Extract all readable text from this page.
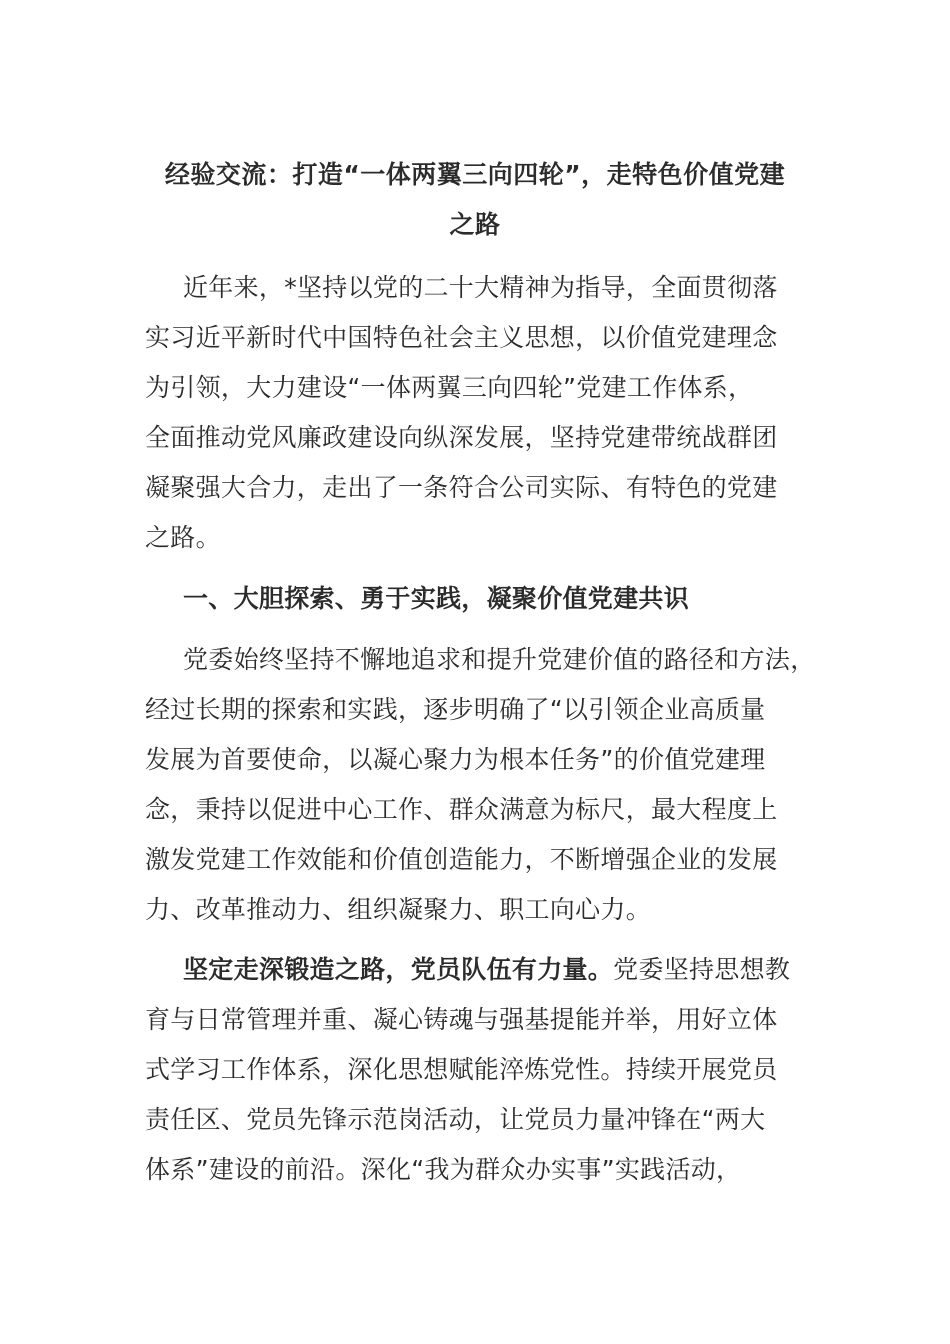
经验交流：打造“一体两翼三向四轮”，走特色价值党建
之路
近年来，*坚持以党的二十大精神为指导，全面贯彻落
实习近平新时代中国特色社会主义思想，以价值党建理念
为引领，大力建设“一体两翼三向四轮”党建工作体系，
全面推动党风廉政建设向纵深发展，坚持党建带统战群团
凝聚强大合力，走出了一条符合公司实际、有特色的党建
之路。
一、大胆探索、勇于实践，凝聚价值党建共识
党委始终坚持不懈地追求和提升党建价值的路径和方法，
经过长期的探索和实践，逐步明确了“以引领企业高质量
发展为首要使命，以凝心聚力为根本任务”的价值党建理
念，秉持以促进中心工作、群众满意为标尺，最大程度上
激发党建工作效能和价值创造能力，不断增强企业的发展
力、改革推动力、组织凝聚力、职工向心力。
坚定走深锻造之路，党员队伍有力量。党委坚持思想教
育与日常管理并重、凝心铸魂与强基提能并举，用好立体
式学习工作体系，深化思想赋能淬炼党性。持续开展党员
责任区、党员先锋示范岗活动，让党员力量冲锋在“两大
体系”建设的前沿。深化“我为群众办实事”实践活动，
